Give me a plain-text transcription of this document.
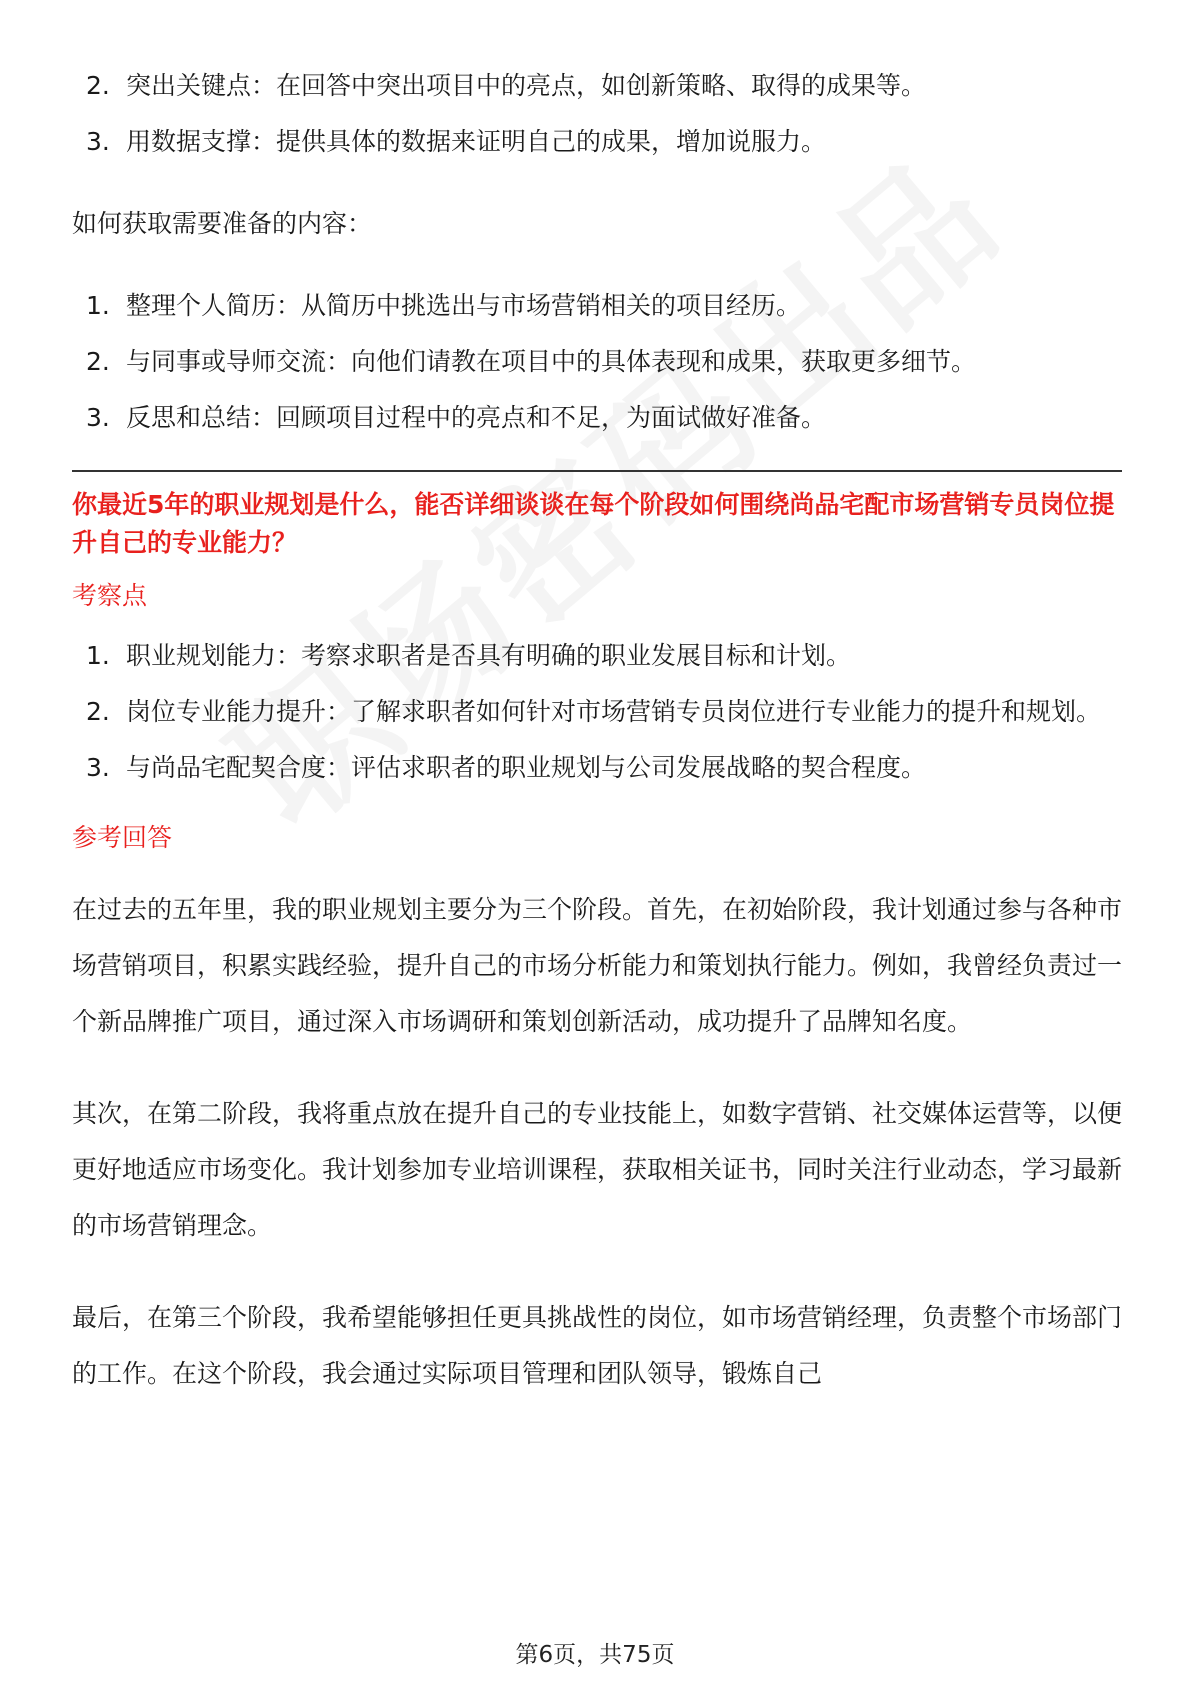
2. 突出关键点：在回答中突出项目中的亮点，如创新策略、取得的成果等。
3. 用数据支撑：提供具体的数据来证明自己的成果，增加说服力。

如何获取需要准备的内容：

1. 整理个人简历：从简历中挑选出与市场营销相关的项目经历。
2. 与同事或导师交流：向他们请教在项目中的具体表现和成果，获取更多细节。
3. 反思和总结：回顾项目过程中的亮点和不足，为面试做好准备。

你最近5年的职业规划是什么，能否详细谈谈在每个阶段如何围绕尚品宅配市场营销专员岗位提升自己的专业能力？

考察点
1. 职业规划能力：考察求职者是否具有明确的职业发展目标和计划。
2. 岗位专业能力提升：了解求职者如何针对市场营销专员岗位进行专业能力的提升和规划。
3. 与尚品宅配契合度：评估求职者的职业规划与公司发展战略的契合程度。
参考回答

在过去的五年里，我的职业规划主要分为三个阶段。首先，在初始阶段，我计划通过参与各种市场营销项目，积累实践经验，提升自己的市场分析能力和策划执行能力。例如，我曾经负责过一个新品牌推广项目，通过深入市场调研和策划创新活动，成功提升了品牌知名度。

其次，在第二阶段，我将重点放在提升自己的专业技能上，如数字营销、社交媒体运营等，以便更好地适应市场变化。我计划参加专业培训课程，获取相关证书，同时关注行业动态，学习最新的市场营销理念。

最后，在第三个阶段，我希望能够担任更具挑战性的岗位，如市场营销经理，负责整个市场部门的工作。在这个阶段，我会通过实际项目管理和团队领导，锻炼自己

第6页，共75页
